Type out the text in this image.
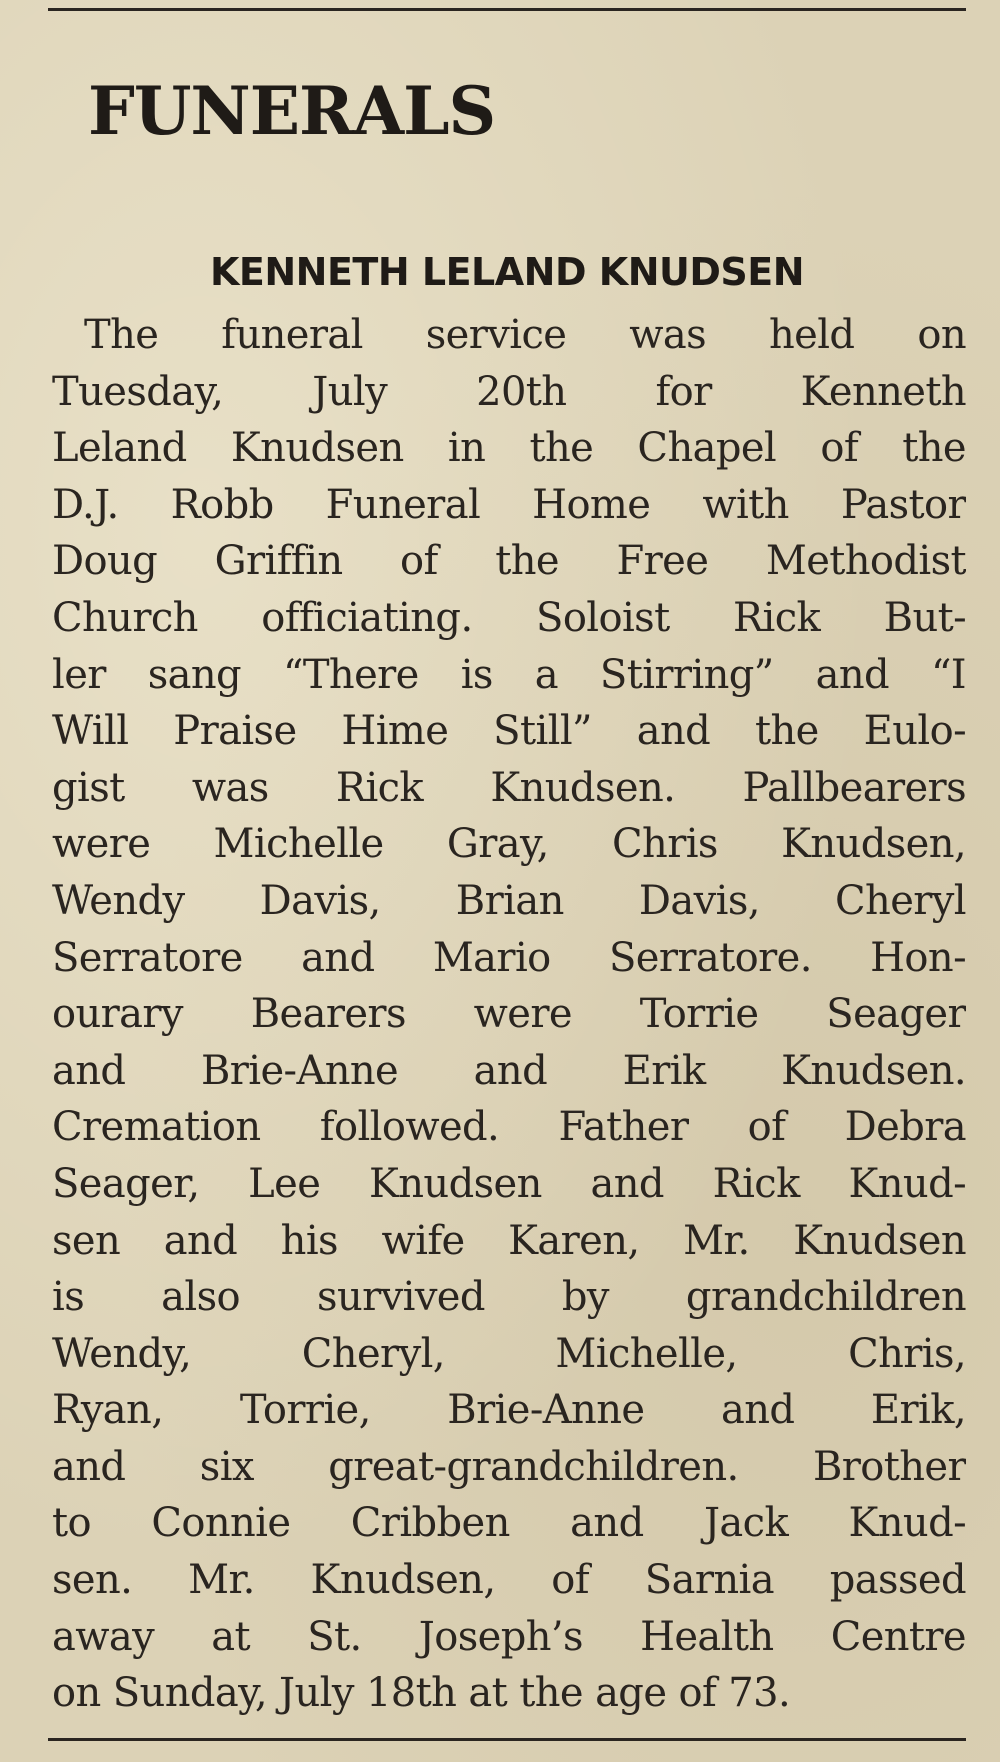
FUNERALS
KENNETH LELAND KNUDSEN
The funeral service was held on
Tuesday, July 20th for Kenneth
Leland Knudsen in the Chapel of the
D.J. Robb Funeral Home with Pastor
Doug Griffin of the Free Methodist
Church officiating. Soloist Rick But-
ler sang “There is a Stirring” and “I
Will Praise Hime Still” and the Eulo-
gist was Rick Knudsen. Pallbearers
were Michelle Gray, Chris Knudsen,
Wendy Davis, Brian Davis, Cheryl
Serratore and Mario Serratore. Hon-
ourary Bearers were Torrie Seager
and Brie-Anne and Erik Knudsen.
Cremation followed. Father of Debra
Seager, Lee Knudsen and Rick Knud-
sen and his wife Karen, Mr. Knudsen
is also survived by grandchildren
Wendy, Cheryl, Michelle, Chris,
Ryan, Torrie, Brie-Anne and Erik,
and six great-grandchildren. Brother
to Connie Cribben and Jack Knud-
sen. Mr. Knudsen, of Sarnia passed
away at St. Joseph’s Health Centre
on Sunday, July 18th at the age of 73.
